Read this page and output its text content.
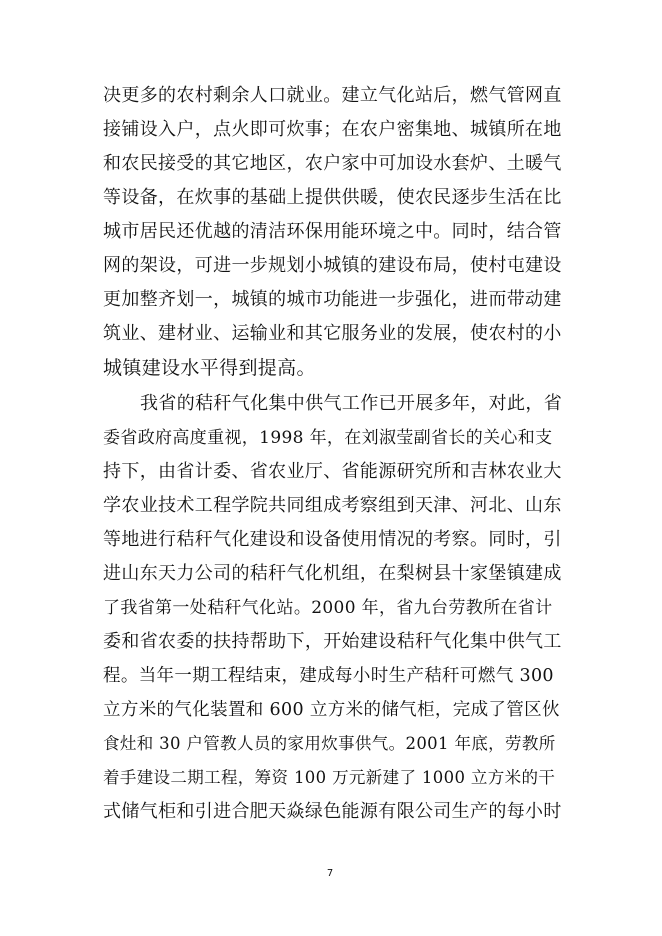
决更多的农村剩余人口就业。建立气化站后，燃气管网直
接铺设入户，点火即可炊事；在农户密集地、城镇所在地
和农民接受的其它地区，农户家中可加设水套炉、土暖气
等设备，在炊事的基础上提供供暖，使农民逐步生活在比
城市居民还优越的清洁环保用能环境之中。同时，结合管
网的架设，可进一步规划小城镇的建设布局，使村屯建设
更加整齐划一，城镇的城市功能进一步强化，进而带动建
筑业、建材业、运输业和其它服务业的发展，使农村的小
城镇建设水平得到提高。
我省的秸秆气化集中供气工作已开展多年，对此，省
委省政府高度重视，1998 年，在刘淑莹副省长的关心和支
持下，由省计委、省农业厅、省能源研究所和吉林农业大
学农业技术工程学院共同组成考察组到天津、河北、山东
等地进行秸秆气化建设和设备使用情况的考察。同时，引
进山东天力公司的秸秆气化机组，在梨树县十家堡镇建成
了我省第一处秸秆气化站。2000 年，省九台劳教所在省计
委和省农委的扶持帮助下，开始建设秸秆气化集中供气工
程。当年一期工程结束，建成每小时生产秸秆可燃气 300
立方米的气化装置和 600 立方米的储气柜，完成了管区伙
食灶和 30 户管教人员的家用炊事供气。2001 年底，劳教所
着手建设二期工程，筹资 100 万元新建了 1000 立方米的干
式储气柜和引进合肥天焱绿色能源有限公司生产的每小时
7
